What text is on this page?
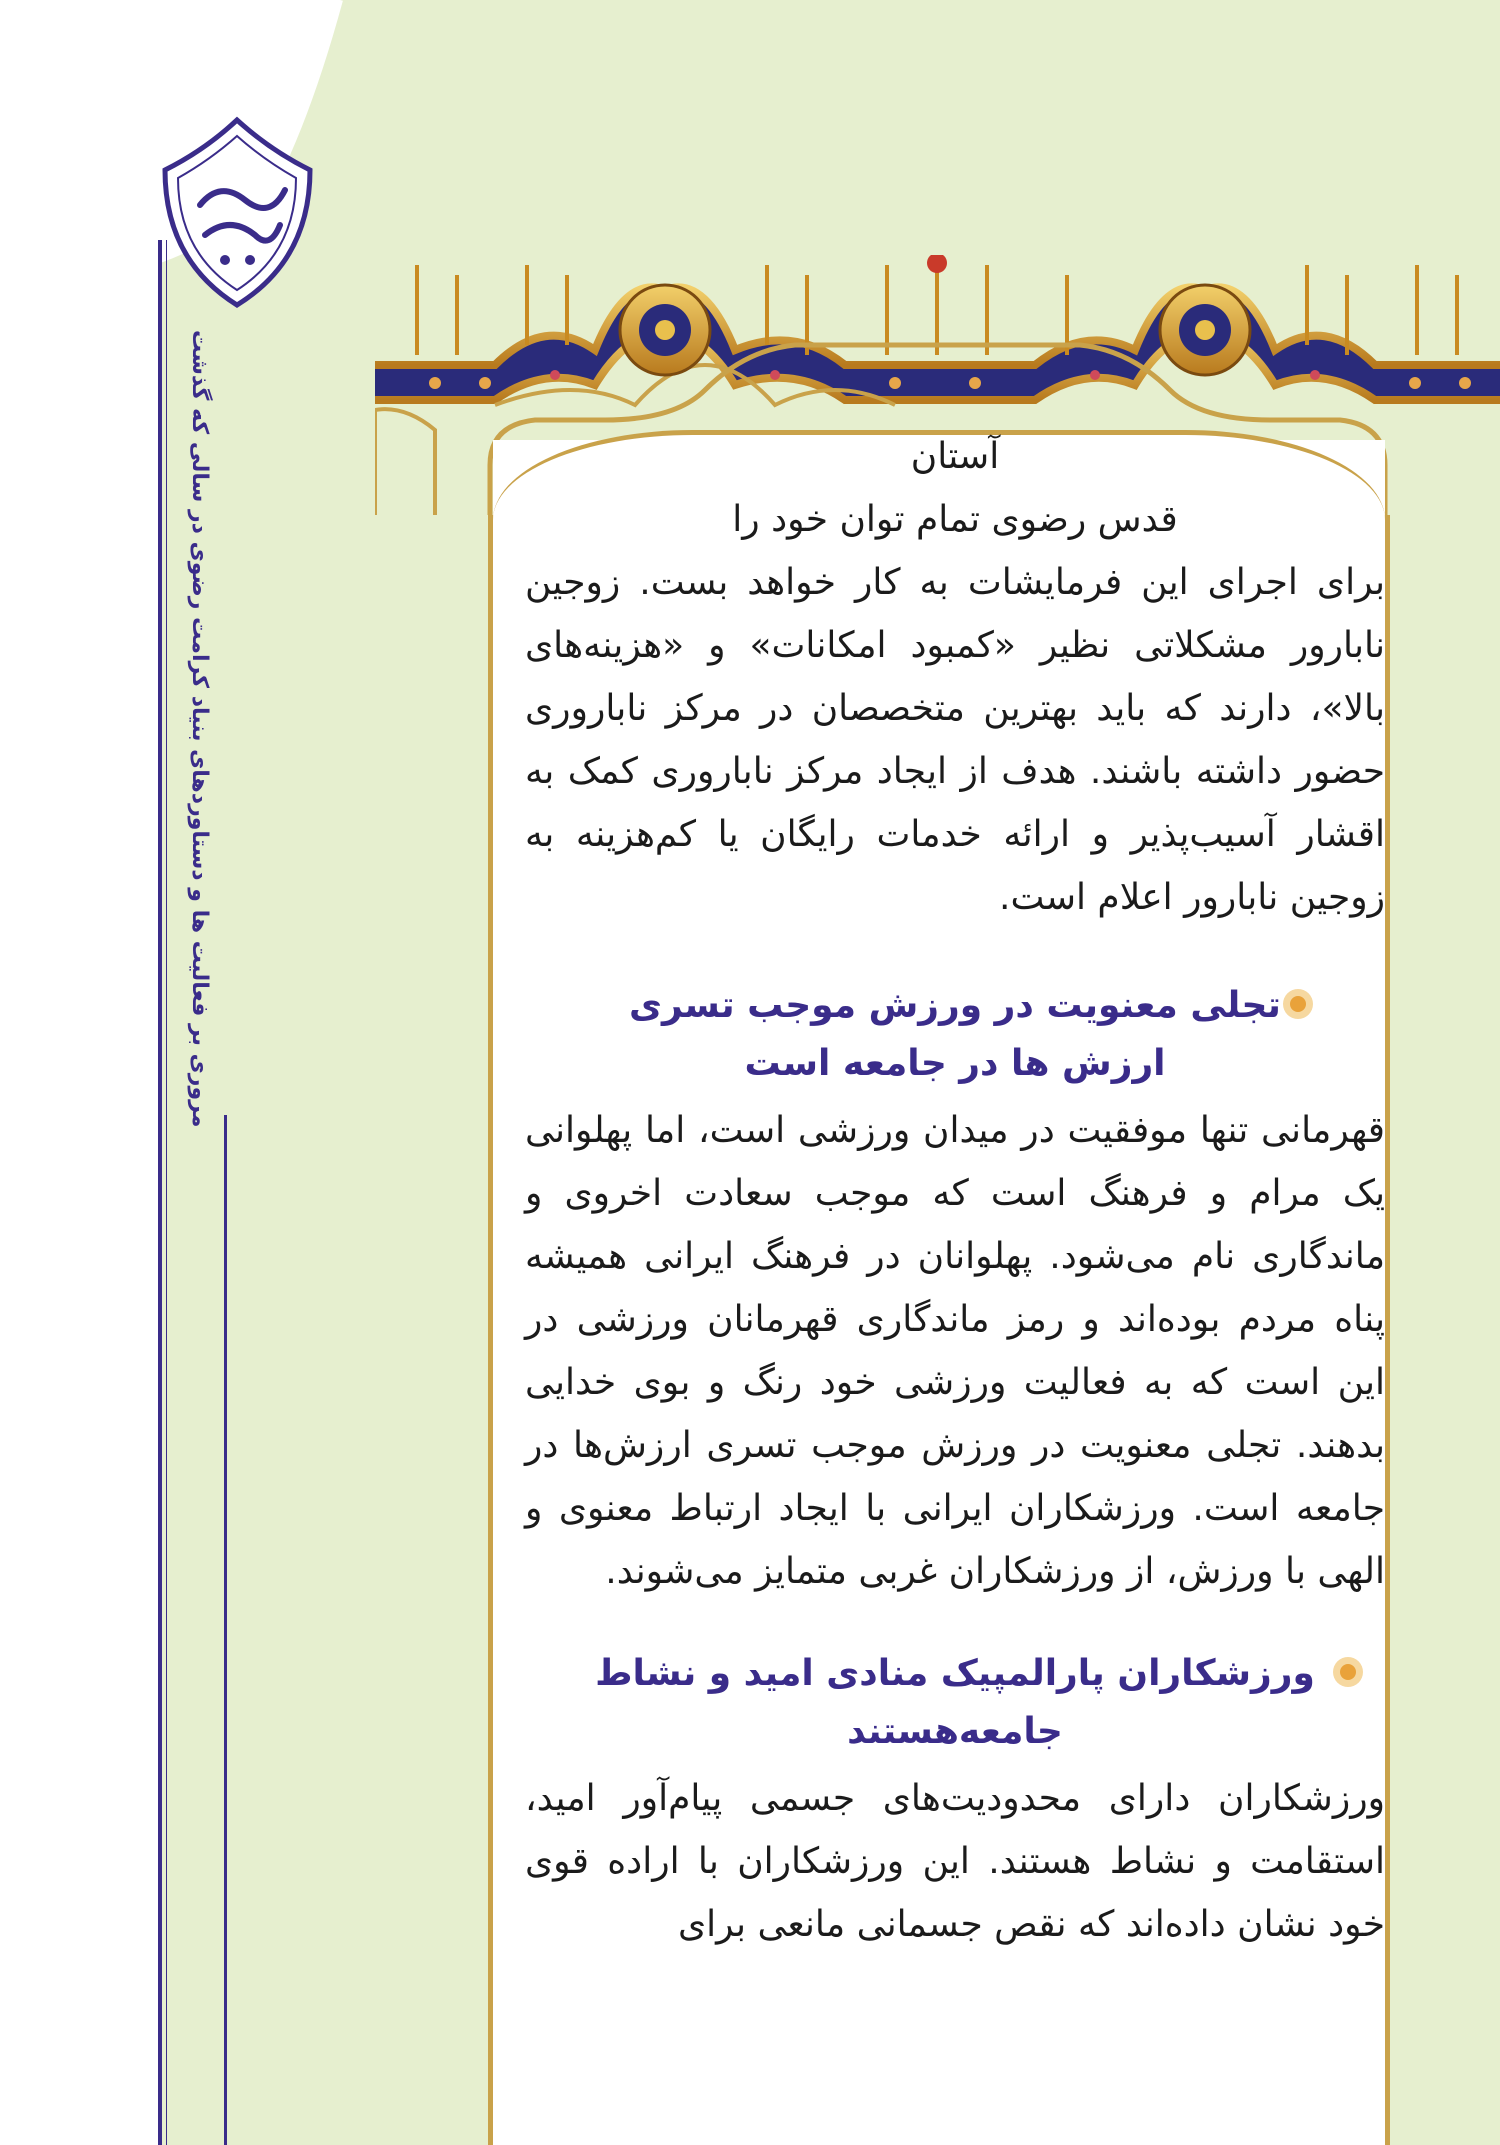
مروری بر فعالیت ها و دستاوردهای بنیاد کرامت رضوی در سالی که گذشت	آستان

قدس رضوی تمام توان خود را

برای اجرای این فرمایشات به کار خواهد بست. زوجین نابارور مشکلاتی نظیر «کمبود امکانات» و «هزینه‌های بالا»، دارند که باید بهترین متخصصان در مرکز ناباروری حضور داشته باشند. هدف از ایجاد مرکز ناباروری کمک به اقشار آسیب‌پذیر و ارائه خدمات رایگان یا کم‌هزینه به زوجین نابارور اعلام است.

تجلی معنویت در ورزش موجب تسری

ارزش ها در جامعه است

قهرمانی تنها موفقیت در میدان ورزشی است، اما پهلوانی یک مرام و فرهنگ است که موجب سعادت اخروی و ماندگاری نام می‌شود. پهلوانان در فرهنگ ایرانی همیشه پناه مردم بوده‌اند و رمز ماندگاری قهرمانان ورزشی در این است که به فعالیت ورزشی خود رنگ و بوی خدایی بدهند. تجلی معنویت در ورزش موجب تسری ارزش‌ها در جامعه است. ورزشکاران ایرانی با ایجاد ارتباط معنوی و الهی با ورزش، از ورزشکاران غربی متمایز می‌شوند.

ورزشکاران پارالمپیک منادی امید و نشاط

جامعه‌هستند

ورزشکاران دارای محدودیت‌های جسمی پیام‌آور امید، استقامت و نشاط هستند. این ورزشکاران با اراده قوی خود نشان داده‌اند که نقص جسمانی مانعی برای
